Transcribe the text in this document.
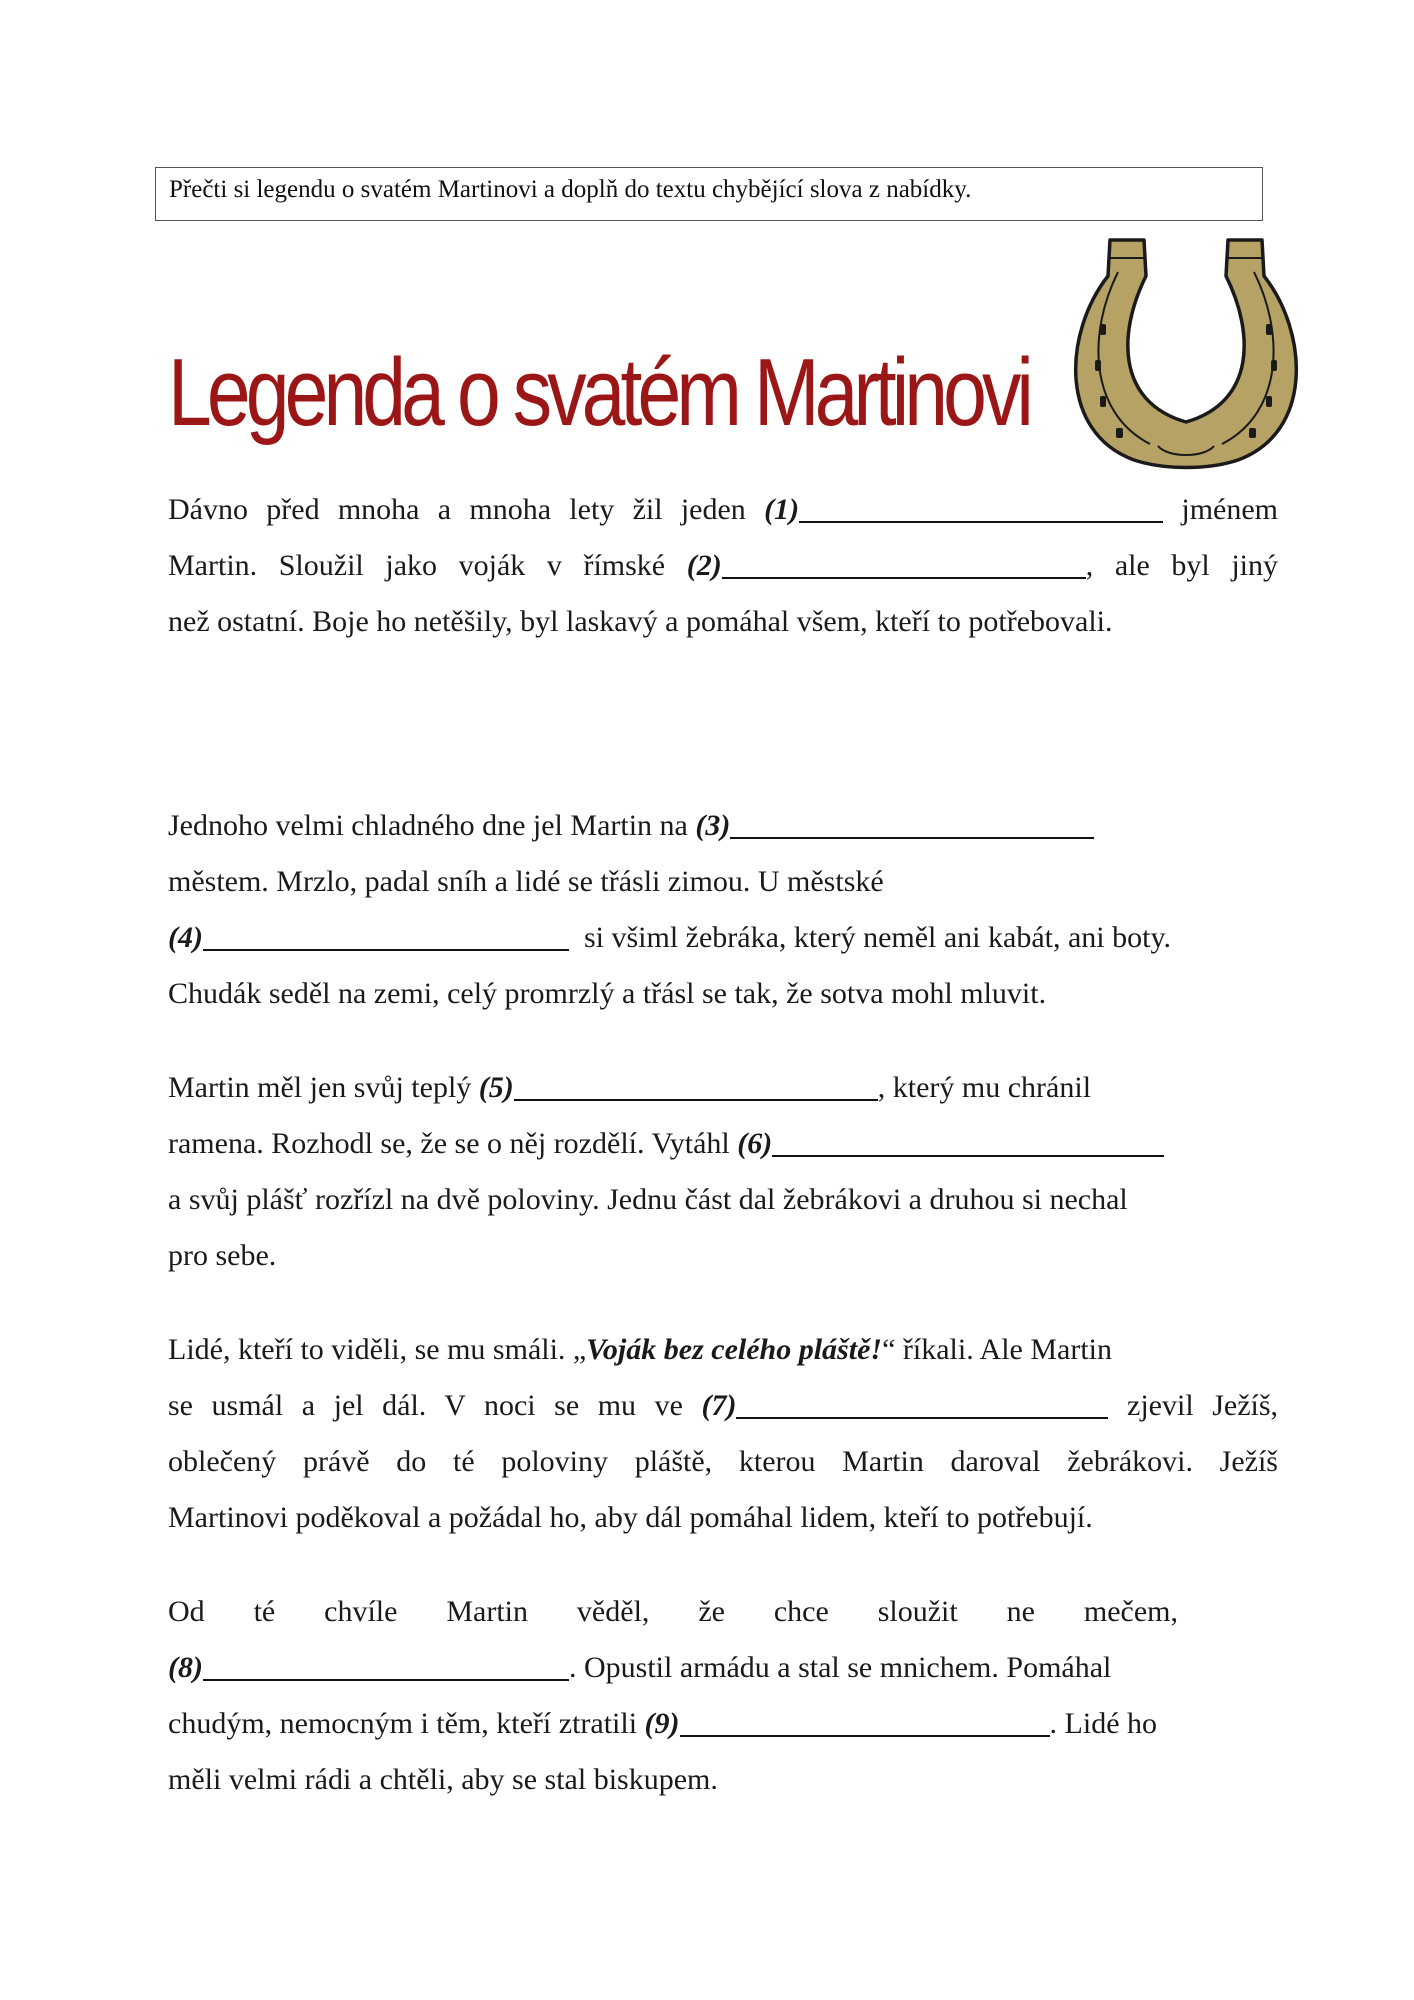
Přečti si legendu o svatém Martinovi a doplň do textu chybějící slova z nabídky.
Legenda o svatém Martinovi
Dávno před mnoha a mnoha lety žil jeden (1)	jménem
Martin. Sloužil jako voják v římské (2)	, ale byl jiný
než ostatní. Boje ho netěšily, byl laskavý a pomáhal všem, kteří to potřebovali.
Jednoho velmi chladného dne jel Martin na (3)
městem. Mrzlo, padal sníh a lidé se třásli zimou. U městské
(4)	si všiml žebráka, který neměl ani kabát, ani boty.
Chudák seděl na zemi, celý promrzlý a třásl se tak, že sotva mohl mluvit.
Martin měl jen svůj teplý (5)	, který mu chránil
ramena. Rozhodl se, že se o něj rozdělí. Vytáhl (6)
a svůj plášť rozřízl na dvě poloviny. Jednu část dal žebrákovi a druhou si nechal
pro sebe.
Lidé, kteří to viděli, se mu smáli. „Voják bez celého pláště!“ říkali. Ale Martin
se usmál a jel dál. V noci se mu ve (7)	zjevil Ježíš,
oblečený právě do té poloviny pláště, kterou Martin daroval žebrákovi. Ježíš
Martinovi poděkoval a požádal ho, aby dál pomáhal lidem, kteří to potřebují.
Od té chvíle Martin věděl, že chce sloužit ne mečem,
(8)	. Opustil armádu a stal se mnichem. Pomáhal
chudým, nemocným i těm, kteří ztratili (9)	. Lidé ho
měli velmi rádi a chtěli, aby se stal biskupem.
